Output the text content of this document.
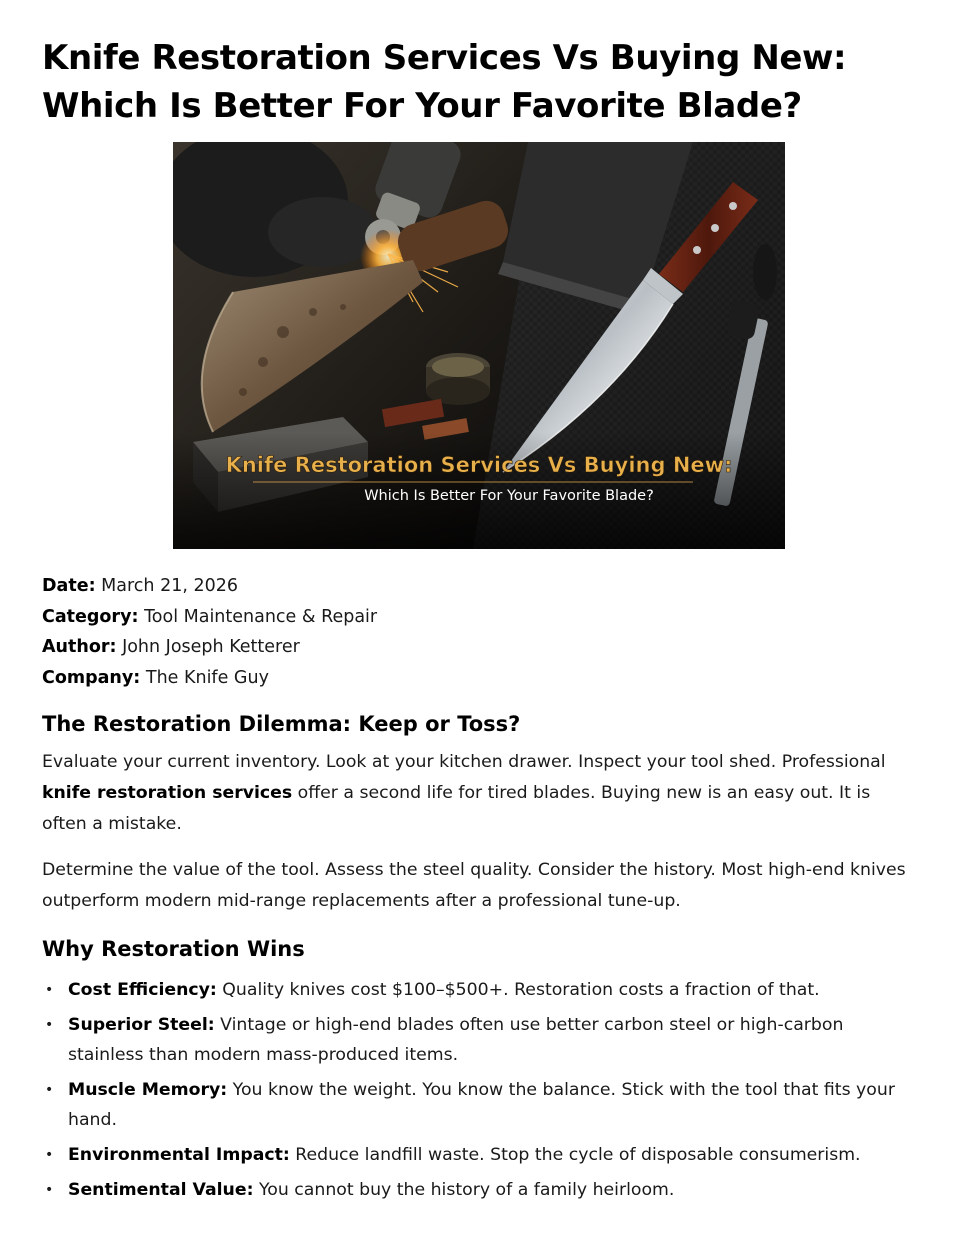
Knife Restoration Services Vs Buying New: Which Is Better For Your Favorite Blade?
Knife Restoration Services Vs Buying New:
Which Is Better For Your Favorite Blade?
Date: March 21, 2026
Category: Tool Maintenance & Repair
Author: John Joseph Ketterer
Company: The Knife Guy
The Restoration Dilemma: Keep or Toss?

Evaluate your current inventory. Look at your kitchen drawer. Inspect your tool shed. Professional knife restoration services offer a second life for tired blades. Buying new is an easy out. It is often a mistake.

Determine the value of the tool. Assess the steel quality. Consider the history. Most high-end knives outperform modern mid-range replacements after a professional tune-up.

Why Restoration Wins
• Cost Efficiency: Quality knives cost $100–$500+. Restoration costs a fraction of that.
• Superior Steel: Vintage or high-end blades often use better carbon steel or high-carbon stainless than modern mass-produced items.
• Muscle Memory: You know the weight. You know the balance. Stick with the tool that fits your hand.
• Environmental Impact: Reduce landfill waste. Stop the cycle of disposable consumerism.
• Sentimental Value: You cannot buy the history of a family heirloom.
